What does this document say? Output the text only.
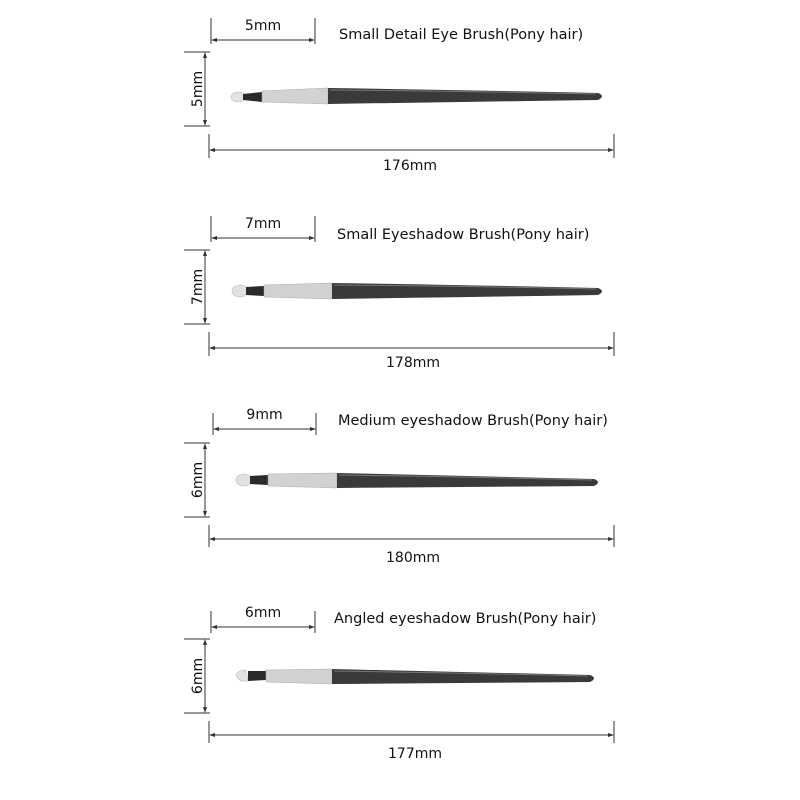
5mm
5mm
Small Detail Eye Brush(Pony hair)
176mm
7mm
7mm
Small Eyeshadow Brush(Pony hair)
178mm
9mm
6mm
Medium eyeshadow Brush(Pony hair)
180mm
6mm
6mm
Angled eyeshadow Brush(Pony hair)
177mm
